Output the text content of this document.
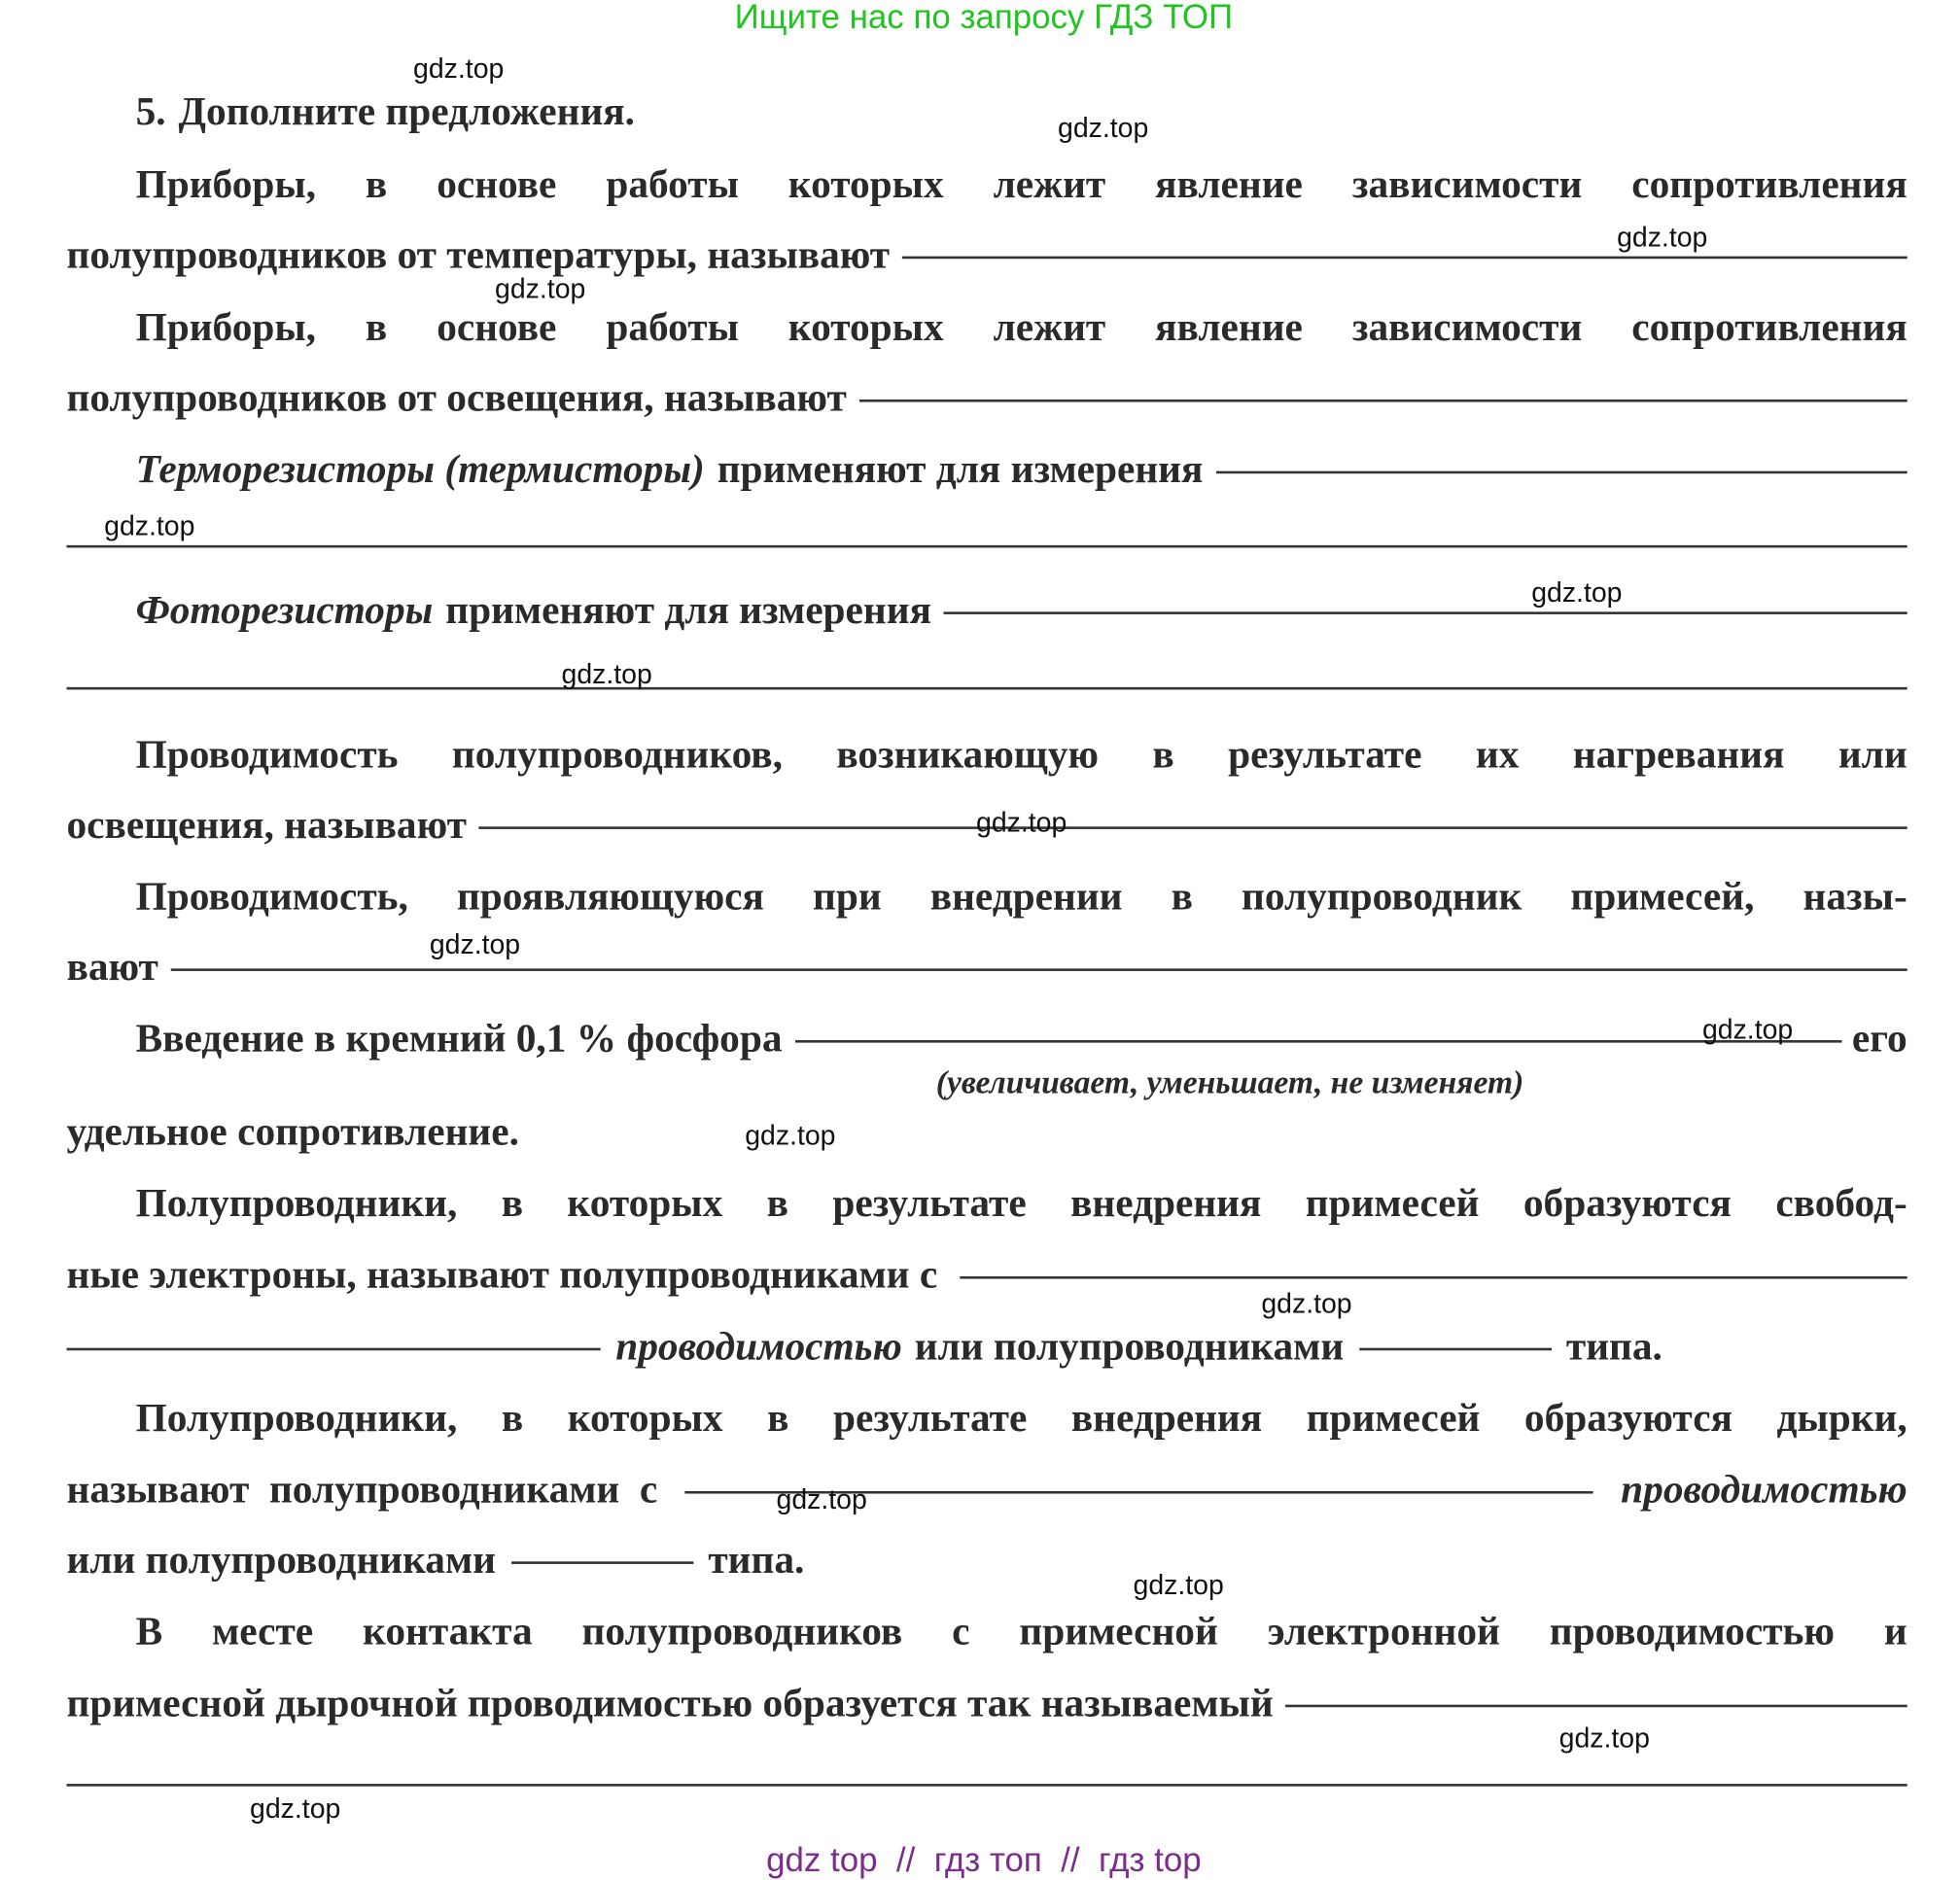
Ищите нас по запросу ГДЗ ТОП
5. Дополните предложения.
Приборы, в основе работы которых лежит явление зависимости сопротивления
полупроводников от температуры, называют
Приборы, в основе работы которых лежит явление зависимости сопротивления
полупроводников от освещения, называют
Терморезисторы (термисторы) применяют для измерения
Фоторезисторы применяют для измерения
Проводимость полупроводников, возникающую в результате их нагревания или
освещения, называют
Проводимость, проявляющуюся при внедрении в полупроводник примесей, назы-
вают
Введение в кремний 0,1 % фосфора	его
(увеличивает, уменьшает, не изменяет)
удельное сопротивление.
Полупроводники, в которых в результате внедрения примесей образуются свобод-
ные электроны, называют полупроводниками с
проводимостью или полупроводниками	типа.
Полупроводники, в которых в результате внедрения примесей образуются дырки,
называют полупроводниками с	проводимостью
или полупроводниками	типа.
В месте контакта полупроводников с примесной электронной проводимостью и
примесной дырочной проводимостью образуется так называемый
gdz.top
gdz.top
gdz.top
gdz.top
gdz.top
gdz.top
gdz.top
gdz.top
gdz.top
gdz.top
gdz.top
gdz.top
gdz.top
gdz.top
gdz.top
gdz.top
gdz top  //  гдз топ  //  гдз top
